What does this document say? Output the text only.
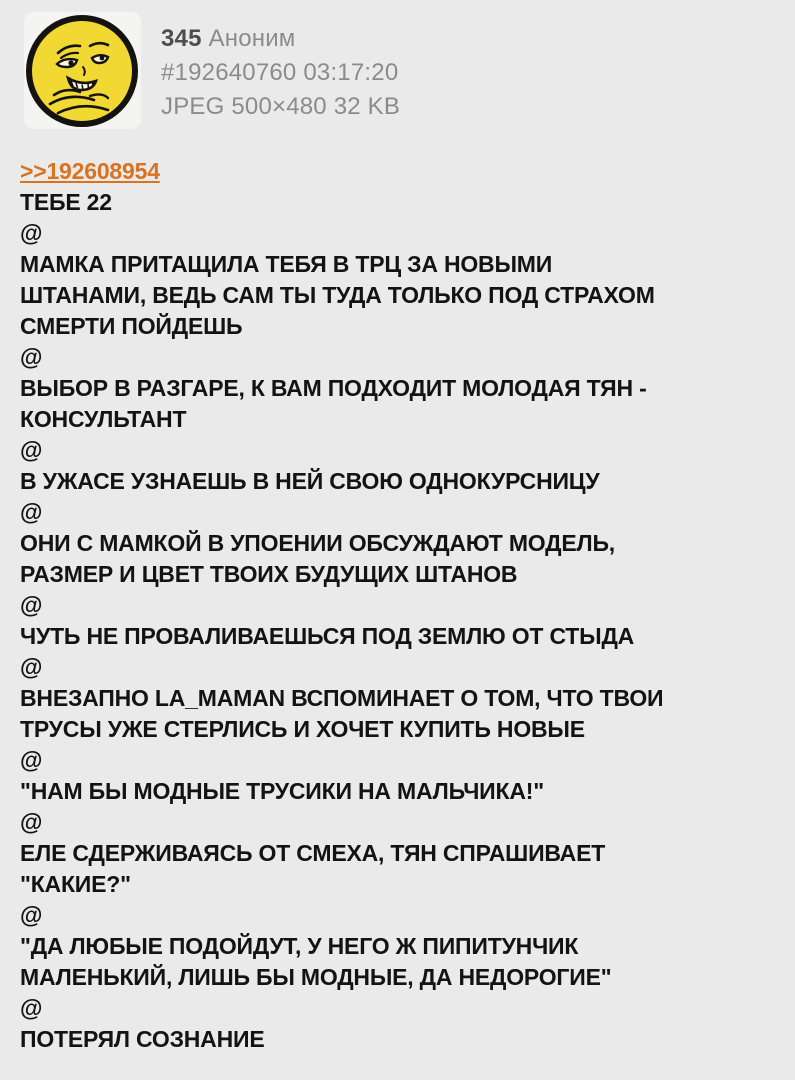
345 Аноним
#192640760 03:17:20
JPEG 500×480 32 KB
>>192608954
ТЕБЕ 22
@
МАМКА ПРИТАЩИЛА ТЕБЯ В ТРЦ ЗА НОВЫМИ
ШТАНАМИ, ВЕДЬ САМ ТЫ ТУДА ТОЛЬКО ПОД СТРАХОМ
СМЕРТИ ПОЙДЕШЬ
@
ВЫБОР В РАЗГАРЕ, К ВАМ ПОДХОДИТ МОЛОДАЯ ТЯН -
КОНСУЛЬТАНТ
@
В УЖАСЕ УЗНАЕШЬ В НЕЙ СВОЮ ОДНОКУРСНИЦУ
@
ОНИ С МАМКОЙ В УПОЕНИИ ОБСУЖДАЮТ МОДЕЛЬ,
РАЗМЕР И ЦВЕТ ТВОИХ БУДУЩИХ ШТАНОВ
@
ЧУТЬ НЕ ПРОВАЛИВАЕШЬСЯ ПОД ЗЕМЛЮ ОТ СТЫДА
@
ВНЕЗАПНО LA_MAMAN ВСПОМИНАЕТ О ТОМ, ЧТО ТВОИ
ТРУСЫ УЖЕ СТЕРЛИСЬ И ХОЧЕТ КУПИТЬ НОВЫЕ
@
"НАМ БЫ МОДНЫЕ ТРУСИКИ НА МАЛЬЧИКА!"
@
ЕЛЕ СДЕРЖИВАЯСЬ ОТ СМЕХА, ТЯН СПРАШИВАЕТ
"КАКИЕ?"
@
"ДА ЛЮБЫЕ ПОДОЙДУТ, У НЕГО Ж ПИПИТУНЧИК
МАЛЕНЬКИЙ, ЛИШЬ БЫ МОДНЫЕ, ДА НЕДОРОГИЕ"
@
ПОТЕРЯЛ СОЗНАНИЕ
